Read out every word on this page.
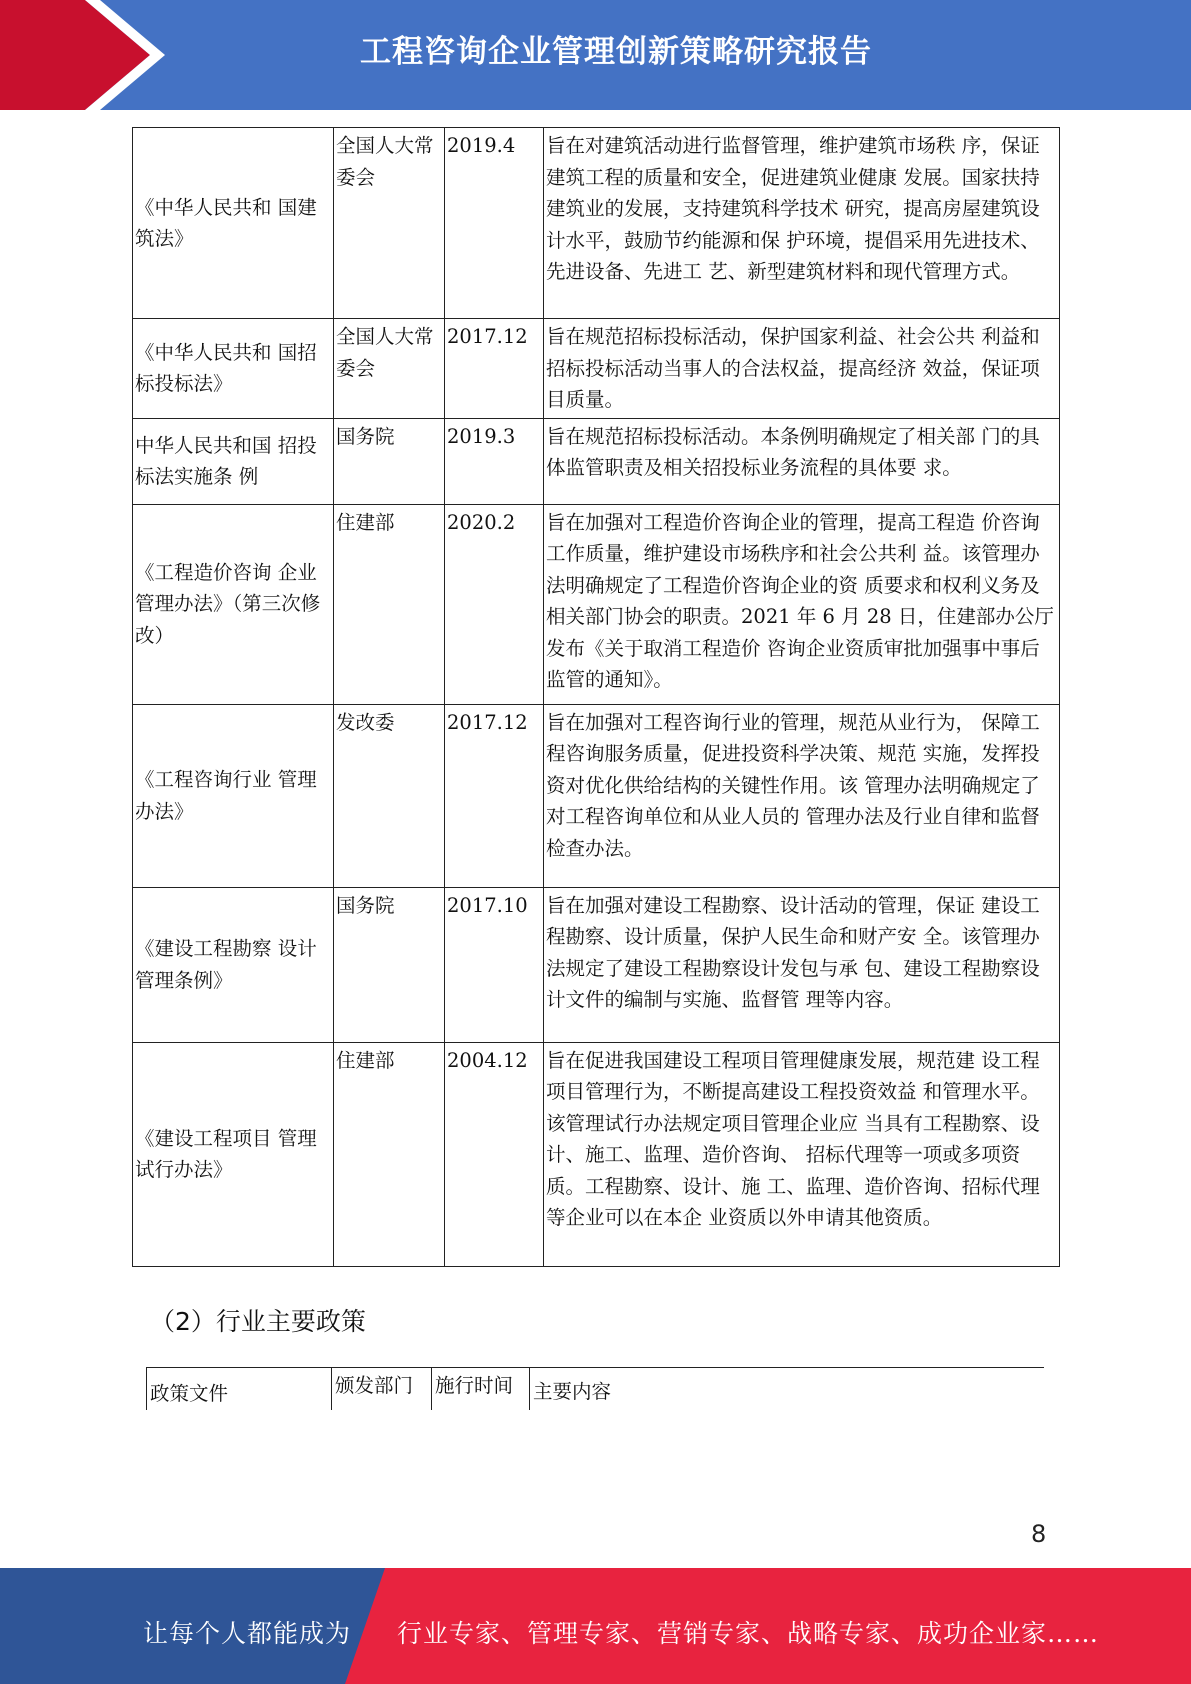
工程咨询企业管理创新策略研究报告
《中华人民共和 国建筑法》	全国人大常委会	2019.4	旨在对建筑活动进行监督管理，维护建筑市场秩 序，保证建筑工程的质量和安全，促进建筑业健康 发展。国家扶持建筑业的发展，支持建筑科学技术 研究，提高房屋建筑设计水平，鼓励节约能源和保 护环境，提倡采用先进技术、先进设备、先进工 艺、新型建筑材料和现代管理方式。
《中华人民共和 国招标投标法》	全国人大常委会	2017.12	旨在规范招标投标活动，保护国家利益、社会公共 利益和招标投标活动当事人的合法权益，提高经济 效益，保证项目质量。
中华人民共和国 招投标法实施条 例	国务院	2019.3	旨在规范招标投标活动。本条例明确规定了相关部 门的具体监管职责及相关招投标业务流程的具体要 求。
《工程造价咨询 企业管理办法》（第三次修改）	住建部	2020.2	旨在加强对工程造价咨询企业的管理，提高工程造 价咨询工作质量，维护建设市场秩序和社会公共利 益。该管理办法明确规定了工程造价咨询企业的资 质要求和权利义务及相关部门协会的职责。2021 年 6 月 28 日，住建部办公厅发布《关于取消工程造价 咨询企业资质审批加强事中事后监管的通知》。
《工程咨询行业 管理办法》	发改委	2017.12	旨在加强对工程咨询行业的管理，规范从业行为， 保障工程咨询服务质量，促进投资科学决策、规范 实施，发挥投资对优化供给结构的关键性作用。该 管理办法明确规定了对工程咨询单位和从业人员的 管理办法及行业自律和监督检查办法。
《建设工程勘察 设计管理条例》	国务院	2017.10	旨在加强对建设工程勘察、设计活动的管理，保证 建设工程勘察、设计质量，保护人民生命和财产安 全。该管理办法规定了建设工程勘察设计发包与承 包、建设工程勘察设计文件的编制与实施、监督管 理等内容。
《建设工程项目 管理试行办法》	住建部	2004.12	旨在促进我国建设工程项目管理健康发展，规范建 设工程项目管理行为，不断提高建设工程投资效益 和管理水平。该管理试行办法规定项目管理企业应 当具有工程勘察、设计、施工、监理、造价咨询、 招标代理等一项或多项资质。工程勘察、设计、施 工、监理、造价咨询、招标代理等企业可以在本企 业资质以外申请其他资质。
（2）行业主要政策
政策文件	颁发部门	施行时间	主要内容
8
让每个人都能成为 行业专家、管理专家、营销专家、战略专家、成功企业家……
